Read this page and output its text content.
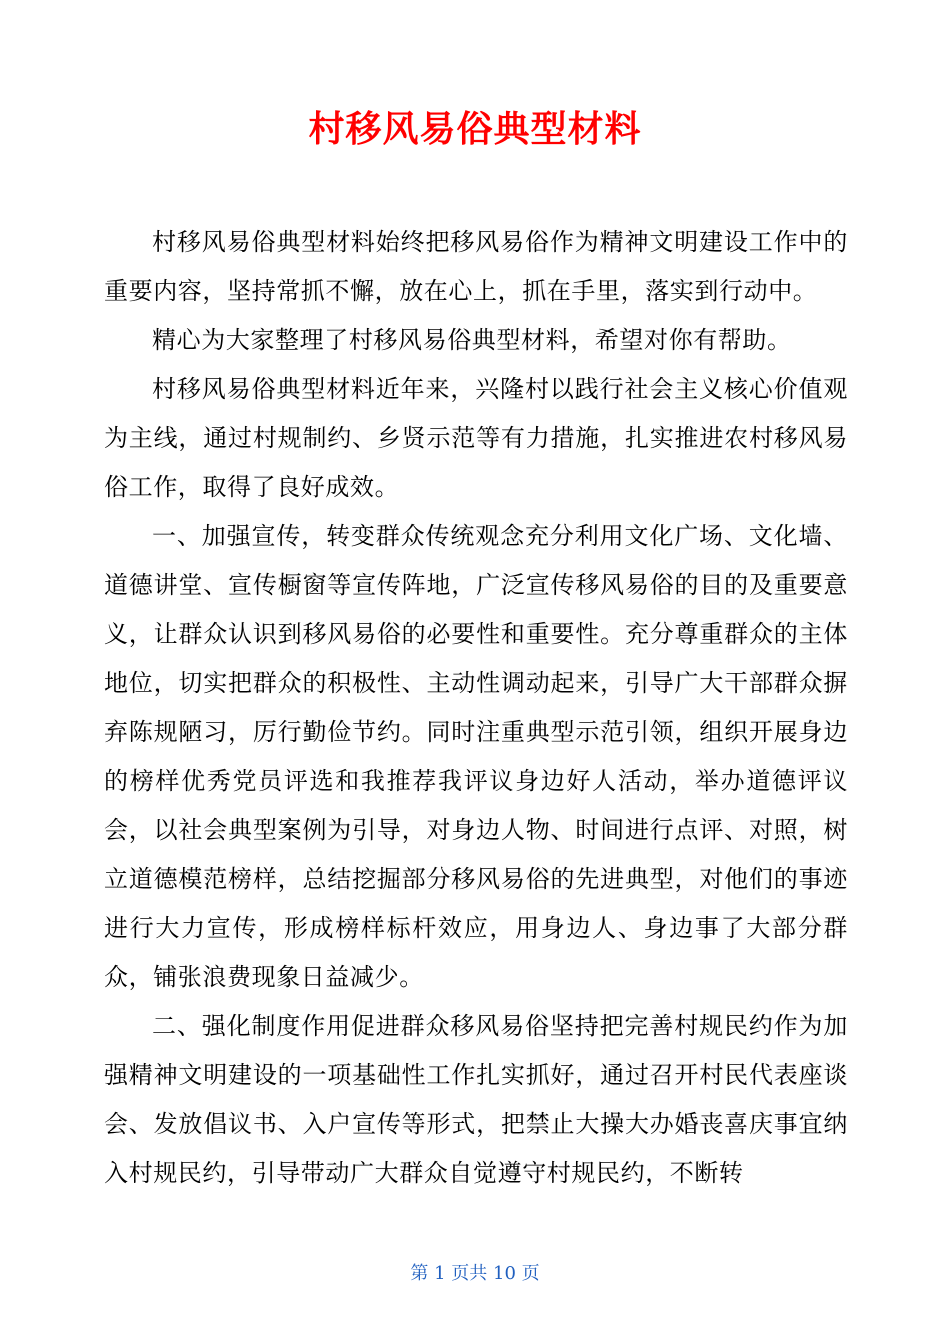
村移风易俗典型材料

村移风易俗典型材料始终把移风易俗作为精神文明建设工作中的重要内容，坚持常抓不懈，放在心上，抓在手里，落实到行动中。

精心为大家整理了村移风易俗典型材料，希望对你有帮助。

村移风易俗典型材料近年来，兴隆村以践行社会主义核心价值观为主线，通过村规制约、乡贤示范等有力措施，扎实推进农村移风易俗工作，取得了良好成效。

一、加强宣传，转变群众传统观念充分利用文化广场、文化墙、道德讲堂、宣传橱窗等宣传阵地，广泛宣传移风易俗的目的及重要意义，让群众认识到移风易俗的必要性和重要性。充分尊重群众的主体地位，切实把群众的积极性、主动性调动起来，引导广大干部群众摒弃陈规陋习，厉行勤俭节约。同时注重典型示范引领，组织开展身边的榜样优秀党员评选和我推荐我评议身边好人活动，举办道德评议会，以社会典型案例为引导，对身边人物、时间进行点评、对照，树立道德模范榜样，总结挖掘部分移风易俗的先进典型，对他们的事迹进行大力宣传，形成榜样标杆效应，用身边人、身边事了大部分群众，铺张浪费现象日益减少。

二、强化制度作用促进群众移风易俗坚持把完善村规民约作为加强精神文明建设的一项基础性工作扎实抓好，通过召开村民代表座谈会、发放倡议书、入户宣传等形式，把禁止大操大办婚丧喜庆事宜纳入村规民约，引导带动广大群众自觉遵守村规民约，不断转

第 1 页共 10 页
